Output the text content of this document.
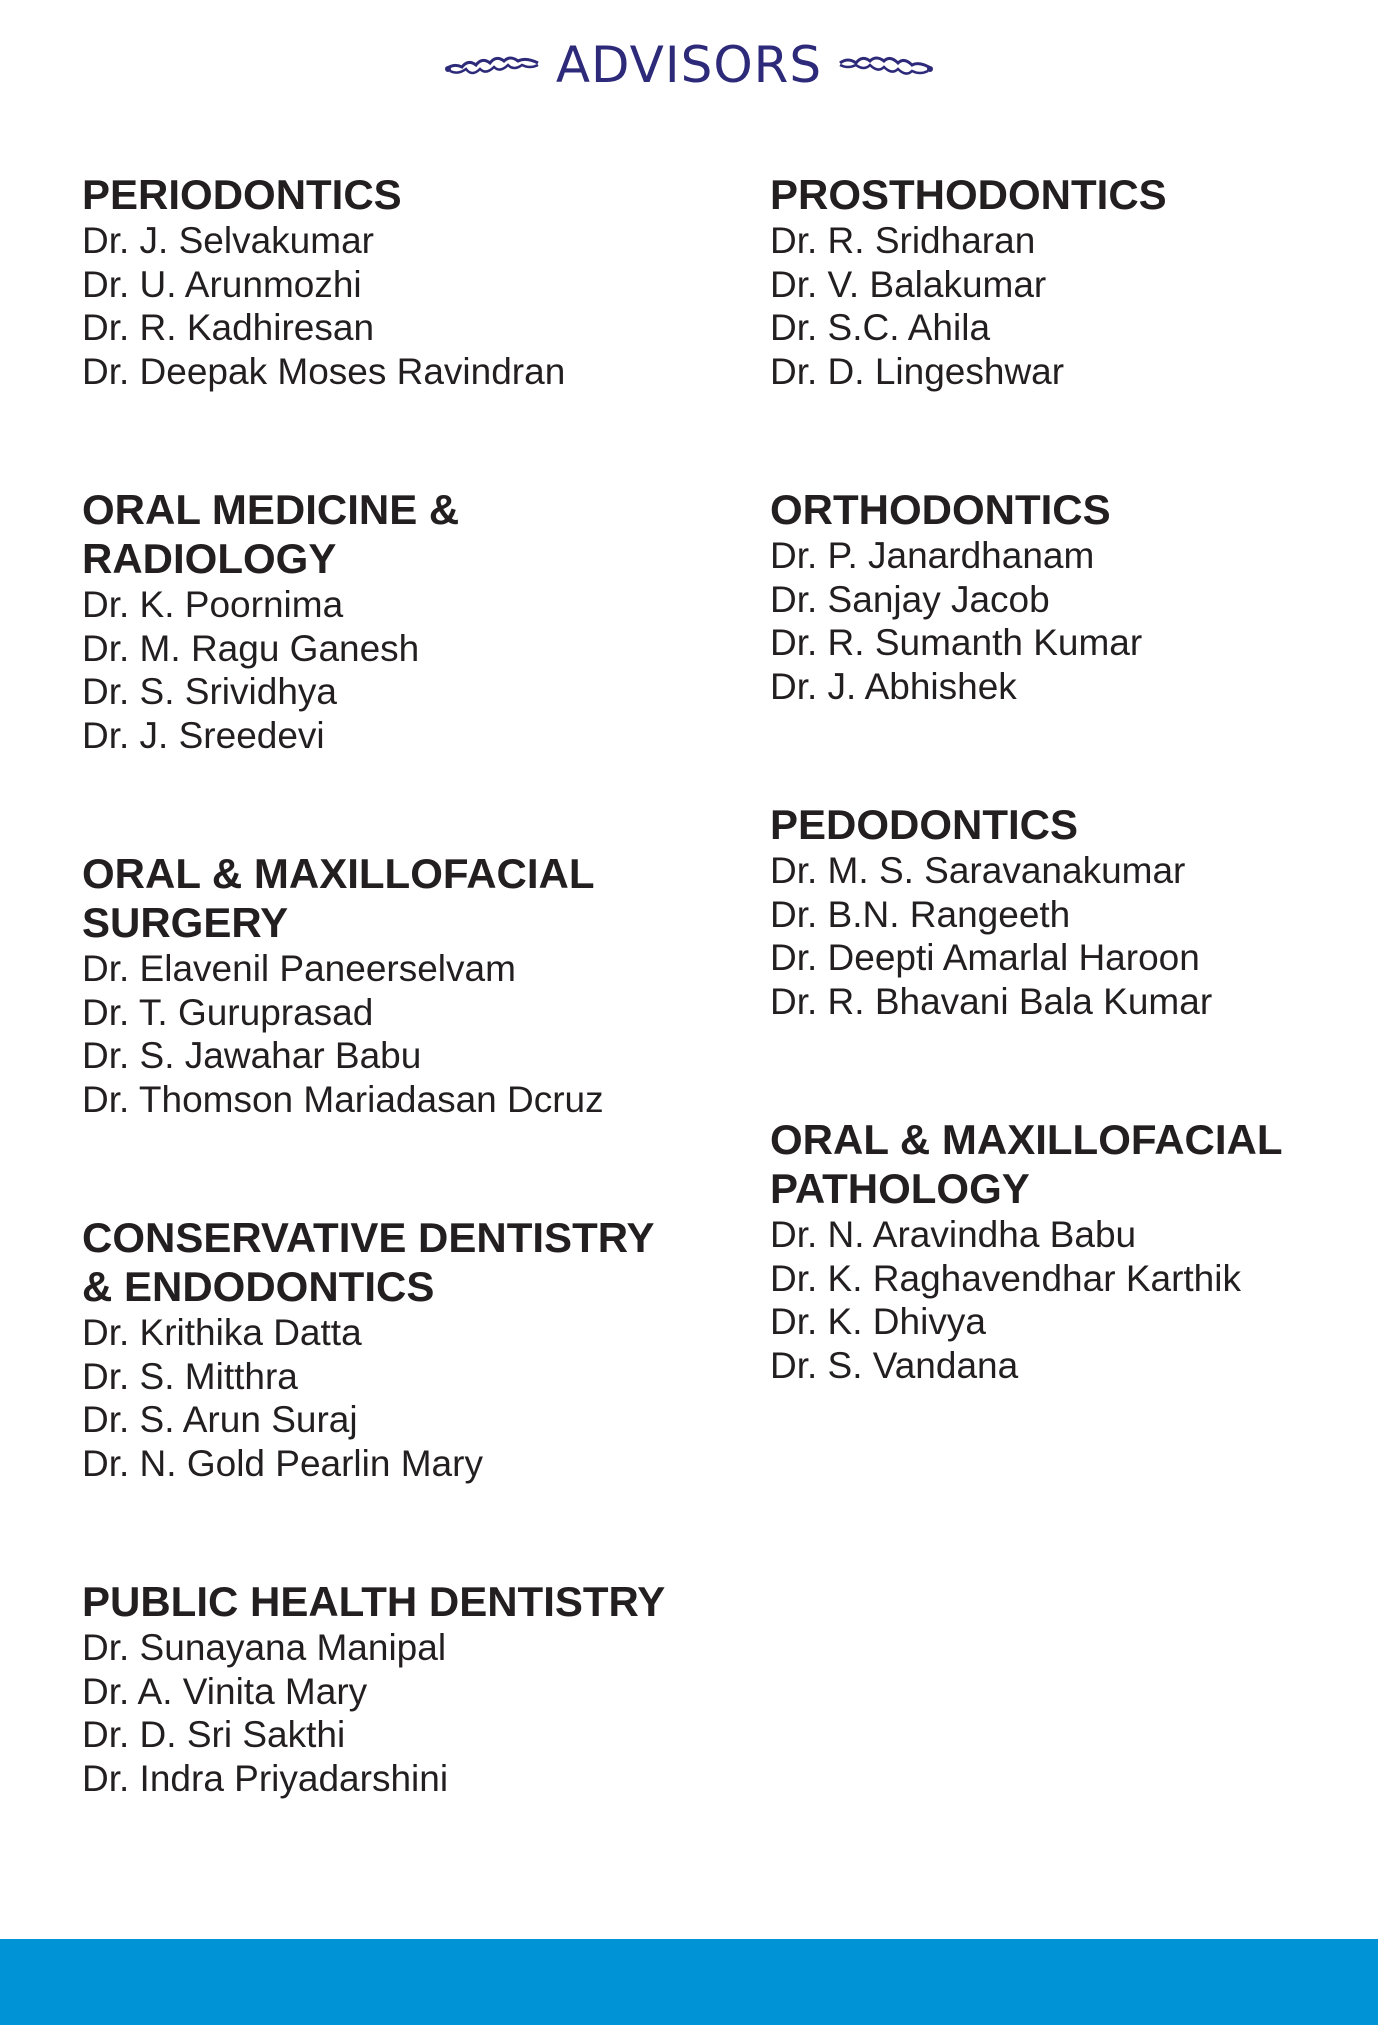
ADVISORS
PERIODONTICS
Dr. J. Selvakumar
Dr. U. Arunmozhi
Dr. R. Kadhiresan
Dr. Deepak Moses Ravindran
ORAL MEDICINE &
RADIOLOGY
Dr. K. Poornima
Dr. M. Ragu Ganesh
Dr. S. Srividhya
Dr. J. Sreedevi
ORAL & MAXILLOFACIAL
SURGERY
Dr. Elavenil Paneerselvam
Dr. T. Guruprasad
Dr. S. Jawahar Babu
Dr. Thomson Mariadasan Dcruz
CONSERVATIVE DENTISTRY
& ENDODONTICS
Dr. Krithika Datta
Dr. S. Mitthra
Dr. S. Arun Suraj
Dr. N. Gold Pearlin Mary
PUBLIC HEALTH DENTISTRY
Dr. Sunayana Manipal
Dr. A. Vinita Mary
Dr. D. Sri Sakthi
Dr. Indra Priyadarshini
PROSTHODONTICS
Dr. R. Sridharan
Dr. V. Balakumar
Dr. S.C. Ahila
Dr. D. Lingeshwar
ORTHODONTICS
Dr. P. Janardhanam
Dr. Sanjay Jacob
Dr. R. Sumanth Kumar
Dr. J. Abhishek
PEDODONTICS
Dr. M. S. Saravanakumar
Dr. B.N. Rangeeth
Dr. Deepti Amarlal Haroon
Dr. R. Bhavani Bala Kumar
ORAL & MAXILLOFACIAL
PATHOLOGY
Dr. N. Aravindha Babu
Dr. K. Raghavendhar Karthik
Dr. K. Dhivya
Dr. S. Vandana
